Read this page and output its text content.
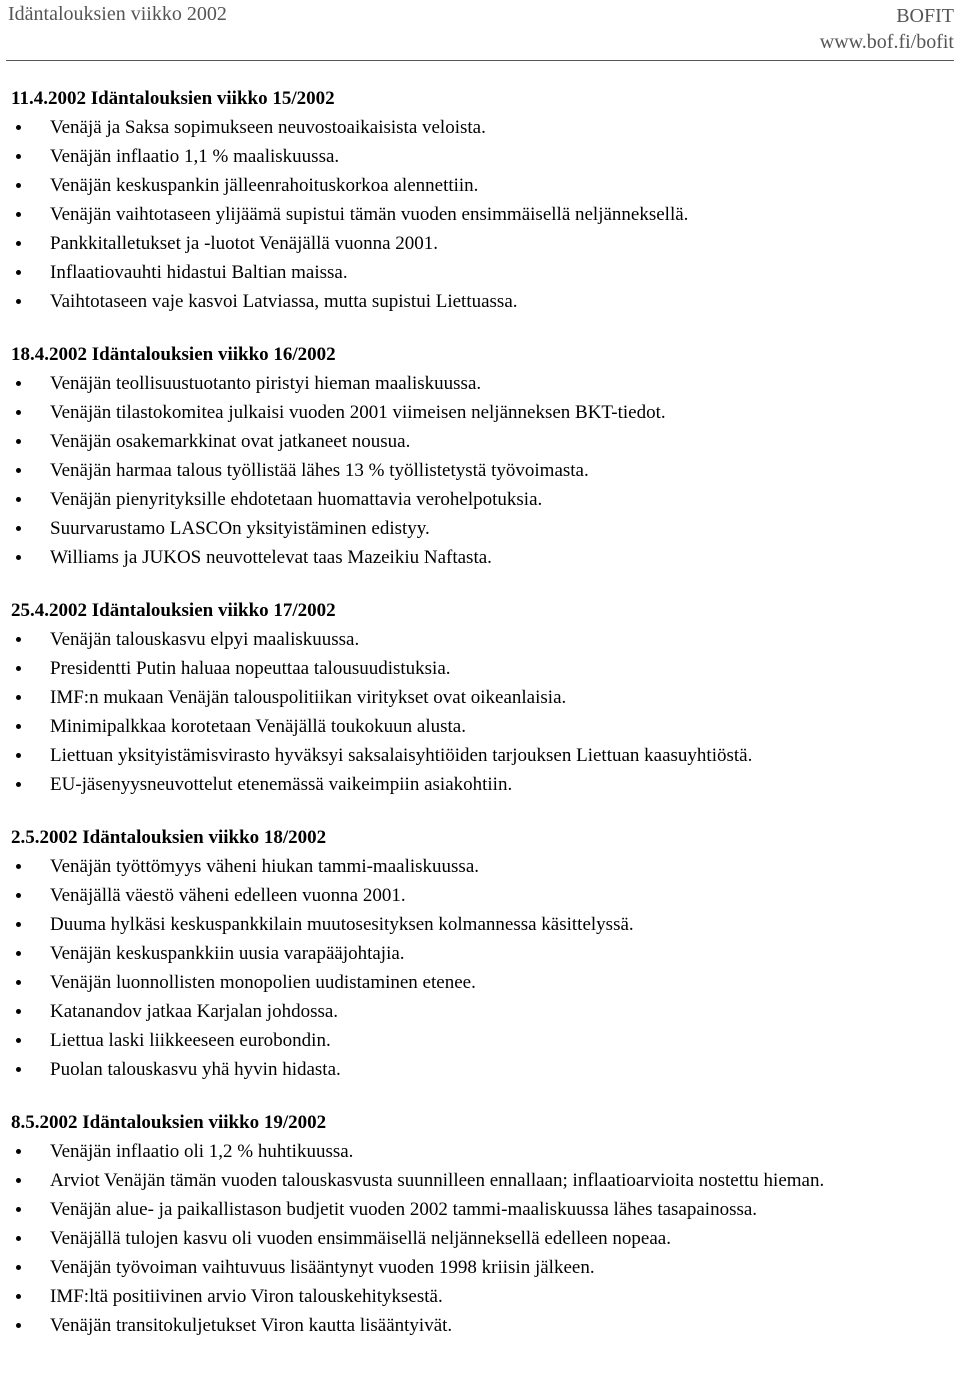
Idäntalouksien viikko 2002	BOFIT
www.bof.fi/bofit
11.4.2002 Idäntalouksien viikko 15/2002
Venäjä ja Saksa sopimukseen neuvostoaikaisista veloista.
Venäjän inflaatio 1,1 % maaliskuussa.
Venäjän keskuspankin jälleenrahoituskorkoa alennettiin.
Venäjän vaihtotaseen ylijäämä supistui tämän vuoden ensimmäisellä neljänneksellä.
Pankkitalletukset ja -luotot Venäjällä vuonna 2001.
Inflaatiovauhti hidastui Baltian maissa.
Vaihtotaseen vaje kasvoi Latviassa, mutta supistui Liettuassa.
18.4.2002 Idäntalouksien viikko 16/2002
Venäjän teollisuustuotanto piristyi hieman maaliskuussa.
Venäjän tilastokomitea julkaisi vuoden 2001 viimeisen neljänneksen BKT-tiedot.
Venäjän osakemarkkinat ovat jatkaneet nousua.
Venäjän harmaa talous työllistää lähes 13 % työllistetystä työvoimasta.
Venäjän pienyrityksille ehdotetaan huomattavia verohelpotuksia.
Suurvarustamo LASCOn yksityistäminen edistyy.
Williams ja JUKOS neuvottelevat taas Mazeikiu Naftasta.
25.4.2002 Idäntalouksien viikko 17/2002
Venäjän talouskasvu elpyi maaliskuussa.
Presidentti Putin haluaa nopeuttaa talousuudistuksia.
IMF:n mukaan Venäjän talouspolitiikan viritykset ovat oikeanlaisia.
Minimipalkkaa korotetaan Venäjällä toukokuun alusta.
Liettuan yksityistämisvirasto hyväksyi saksalaisyhtiöiden tarjouksen Liettuan kaasuyhtiöstä.
EU-jäsenyysneuvottelut etenemässä vaikeimpiin asiakohtiin.
2.5.2002 Idäntalouksien viikko 18/2002
Venäjän työttömyys väheni hiukan tammi-maaliskuussa.
Venäjällä väestö väheni edelleen vuonna 2001.
Duuma hylkäsi keskuspankkilain muutosesityksen kolmannessa käsittelyssä.
Venäjän keskuspankkiin uusia varapääjohtajia.
Venäjän luonnollisten monopolien uudistaminen etenee.
Katanandov jatkaa Karjalan johdossa.
Liettua laski liikkeeseen eurobondin.
Puolan talouskasvu yhä hyvin hidasta.
8.5.2002 Idäntalouksien viikko 19/2002
Venäjän inflaatio oli 1,2 % huhtikuussa.
Arviot Venäjän tämän vuoden talouskasvusta suunnilleen ennallaan; inflaatioarvioita nostettu hieman.
Venäjän alue- ja paikallistason budjetit vuoden 2002 tammi-maaliskuussa lähes tasapainossa.
Venäjällä tulojen kasvu oli vuoden ensimmäisellä neljänneksellä edelleen nopeaa.
Venäjän työvoiman vaihtuvuus lisääntynyt vuoden 1998 kriisin jälkeen.
IMF:ltä positiivinen arvio Viron talouskehityksestä.
Venäjän transitokuljetukset Viron kautta lisääntyivät.
